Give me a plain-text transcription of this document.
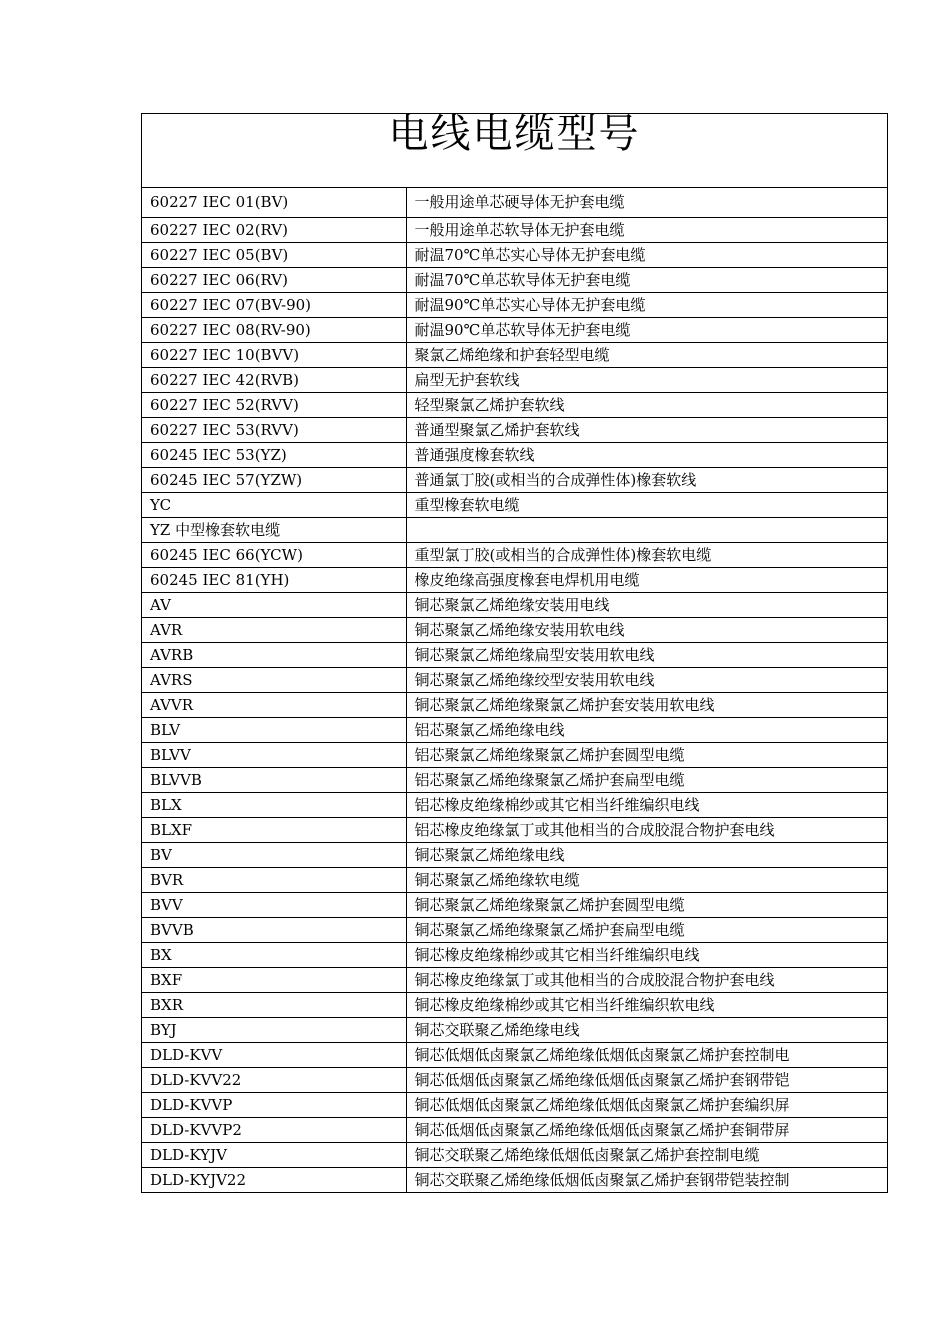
电线电缆型号
60227 IEC 01(BV)	一般用途单芯硬导体无护套电缆
60227 IEC 02(RV)	一般用途单芯软导体无护套电缆
60227 IEC 05(BV)	耐温70℃单芯实心导体无护套电缆
60227 IEC 06(RV)	耐温70℃单芯软导体无护套电缆
60227 IEC 07(BV-90)	耐温90℃单芯实心导体无护套电缆
60227 IEC 08(RV-90)	耐温90℃单芯软导体无护套电缆
60227 IEC 10(BVV)	聚氯乙烯绝缘和护套轻型电缆
60227 IEC 42(RVB)	扁型无护套软线
60227 IEC 52(RVV)	轻型聚氯乙烯护套软线
60227 IEC 53(RVV)	普通型聚氯乙烯护套软线
60245 IEC 53(YZ)	普通强度橡套软线
60245 IEC 57(YZW)	普通氯丁胶(或相当的合成弹性体)橡套软线
YC	重型橡套软电缆
YZ 中型橡套软电缆	
60245 IEC 66(YCW)	重型氯丁胶(或相当的合成弹性体)橡套软电缆
60245 IEC 81(YH)	橡皮绝缘高强度橡套电焊机用电缆
AV	铜芯聚氯乙烯绝缘安装用电线
AVR	铜芯聚氯乙烯绝缘安装用软电线
AVRB	铜芯聚氯乙烯绝缘扁型安装用软电线
AVRS	铜芯聚氯乙烯绝缘绞型安装用软电线
AVVR	铜芯聚氯乙烯绝缘聚氯乙烯护套安装用软电线
BLV	铝芯聚氯乙烯绝缘电线
BLVV	铝芯聚氯乙烯绝缘聚氯乙烯护套圆型电缆
BLVVB	铝芯聚氯乙烯绝缘聚氯乙烯护套扁型电缆
BLX	铝芯橡皮绝缘棉纱或其它相当纤维编织电线
BLXF	铝芯橡皮绝缘氯丁或其他相当的合成胶混合物护套电线
BV	铜芯聚氯乙烯绝缘电线
BVR	铜芯聚氯乙烯绝缘软电缆
BVV	铜芯聚氯乙烯绝缘聚氯乙烯护套圆型电缆
BVVB	铜芯聚氯乙烯绝缘聚氯乙烯护套扁型电缆
BX	铜芯橡皮绝缘棉纱或其它相当纤维编织电线
BXF	铜芯橡皮绝缘氯丁或其他相当的合成胶混合物护套电线
BXR	铜芯橡皮绝缘棉纱或其它相当纤维编织软电线
BYJ	铜芯交联聚乙烯绝缘电线
DLD-KVV	铜芯低烟低卤聚氯乙烯绝缘低烟低卤聚氯乙烯护套控制电
DLD-KVV22	铜芯低烟低卤聚氯乙烯绝缘低烟低卤聚氯乙烯护套钢带铠
DLD-KVVP	铜芯低烟低卤聚氯乙烯绝缘低烟低卤聚氯乙烯护套编织屏
DLD-KVVP2	铜芯低烟低卤聚氯乙烯绝缘低烟低卤聚氯乙烯护套铜带屏
DLD-KYJV	铜芯交联聚乙烯绝缘低烟低卤聚氯乙烯护套控制电缆
DLD-KYJV22	铜芯交联聚乙烯绝缘低烟低卤聚氯乙烯护套钢带铠装控制
